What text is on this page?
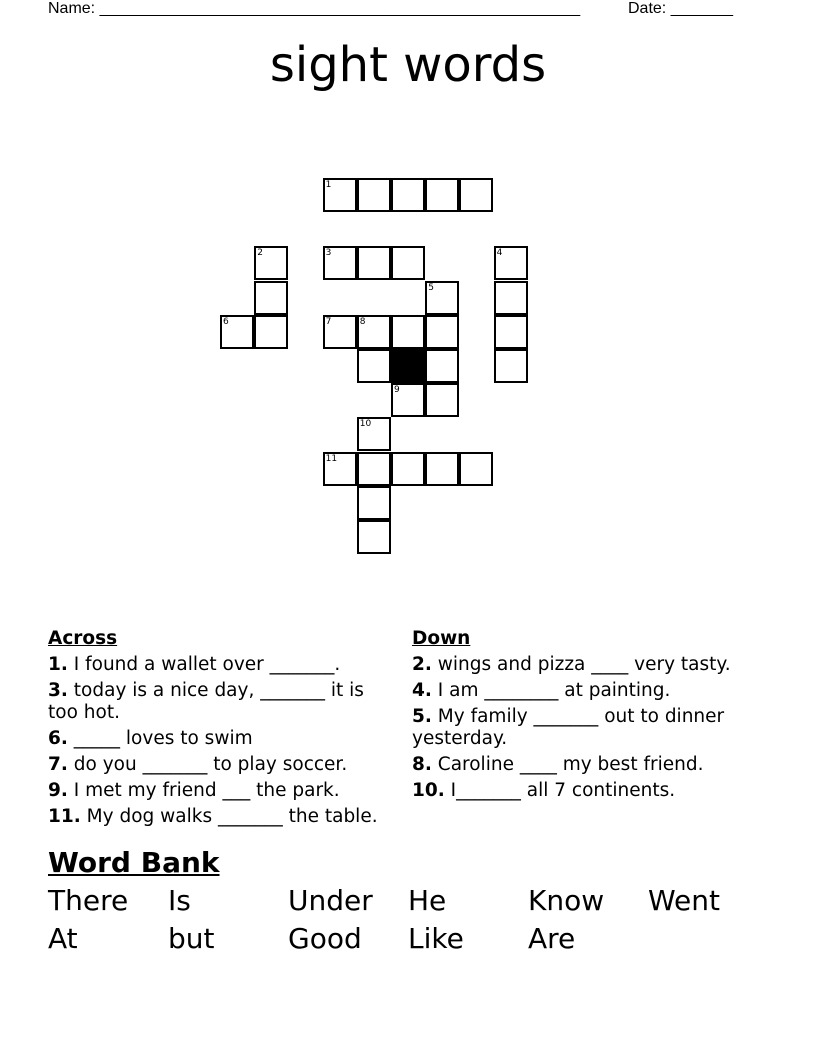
Name: ______________________________________________________	Date: _______
sight words
1
2	3	4
5
6	7	8
9
10
11
Across
1. I found a wallet over _______.
3. today is a nice day, _______ it is too hot.
6. _____ loves to swim
7. do you _______ to play soccer.
9. I met my friend ___ the park.
11. My dog walks _______ the table.
Down
2. wings and pizza ____ very tasty.
4. I am ________ at painting.
5. My family _______ out to dinner yesterday.
8. Caroline ____ my best friend.
10. I_______ all 7 continents.
Word Bank
There Is	Under He	Know Went
At	but	Good Like Are
